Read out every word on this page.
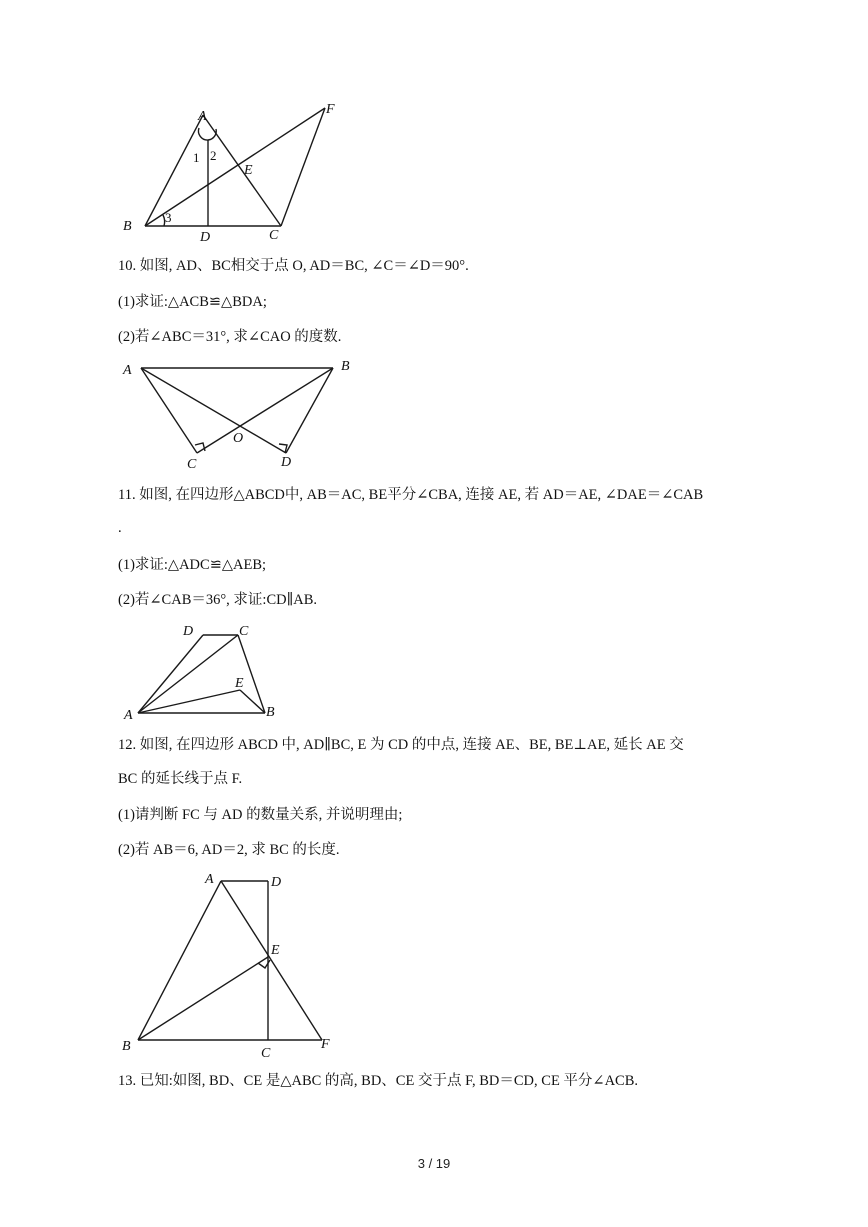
A
B
C
D
E
F
1 2
3
10. 如图, AD、BC相交于点 O, AD＝BC, ∠C＝∠D＝90°.
(1)求证:△ACB≌△BDA;
(2)若∠ABC＝31°, 求∠CAO 的度数.
A	B
C	D
O
11. 如图, 在四边形△ABCD中, AB＝AC, BE平分∠CBA, 连接 AE, 若 AD＝AE, ∠DAE＝∠CAB
.
(1)求证:△ADC≌△AEB;
(2)若∠CAB＝36°, 求证:CD∥AB.
D	C
E
A	B
12. 如图, 在四边形 ABCD 中, AD∥BC, E 为 CD 的中点, 连接 AE、BE, BE⊥AE, 延长 AE 交
BC 的延长线于点 F.
(1)请判断 FC 与 AD 的数量关系, 并说明理由;
(2)若 AB＝6, AD＝2, 求 BC 的长度.
A	D
E
B	C
F
13. 已知:如图, BD、CE 是△ABC 的高, BD、CE 交于点 F, BD＝CD, CE 平分∠ACB.
3 / 19
